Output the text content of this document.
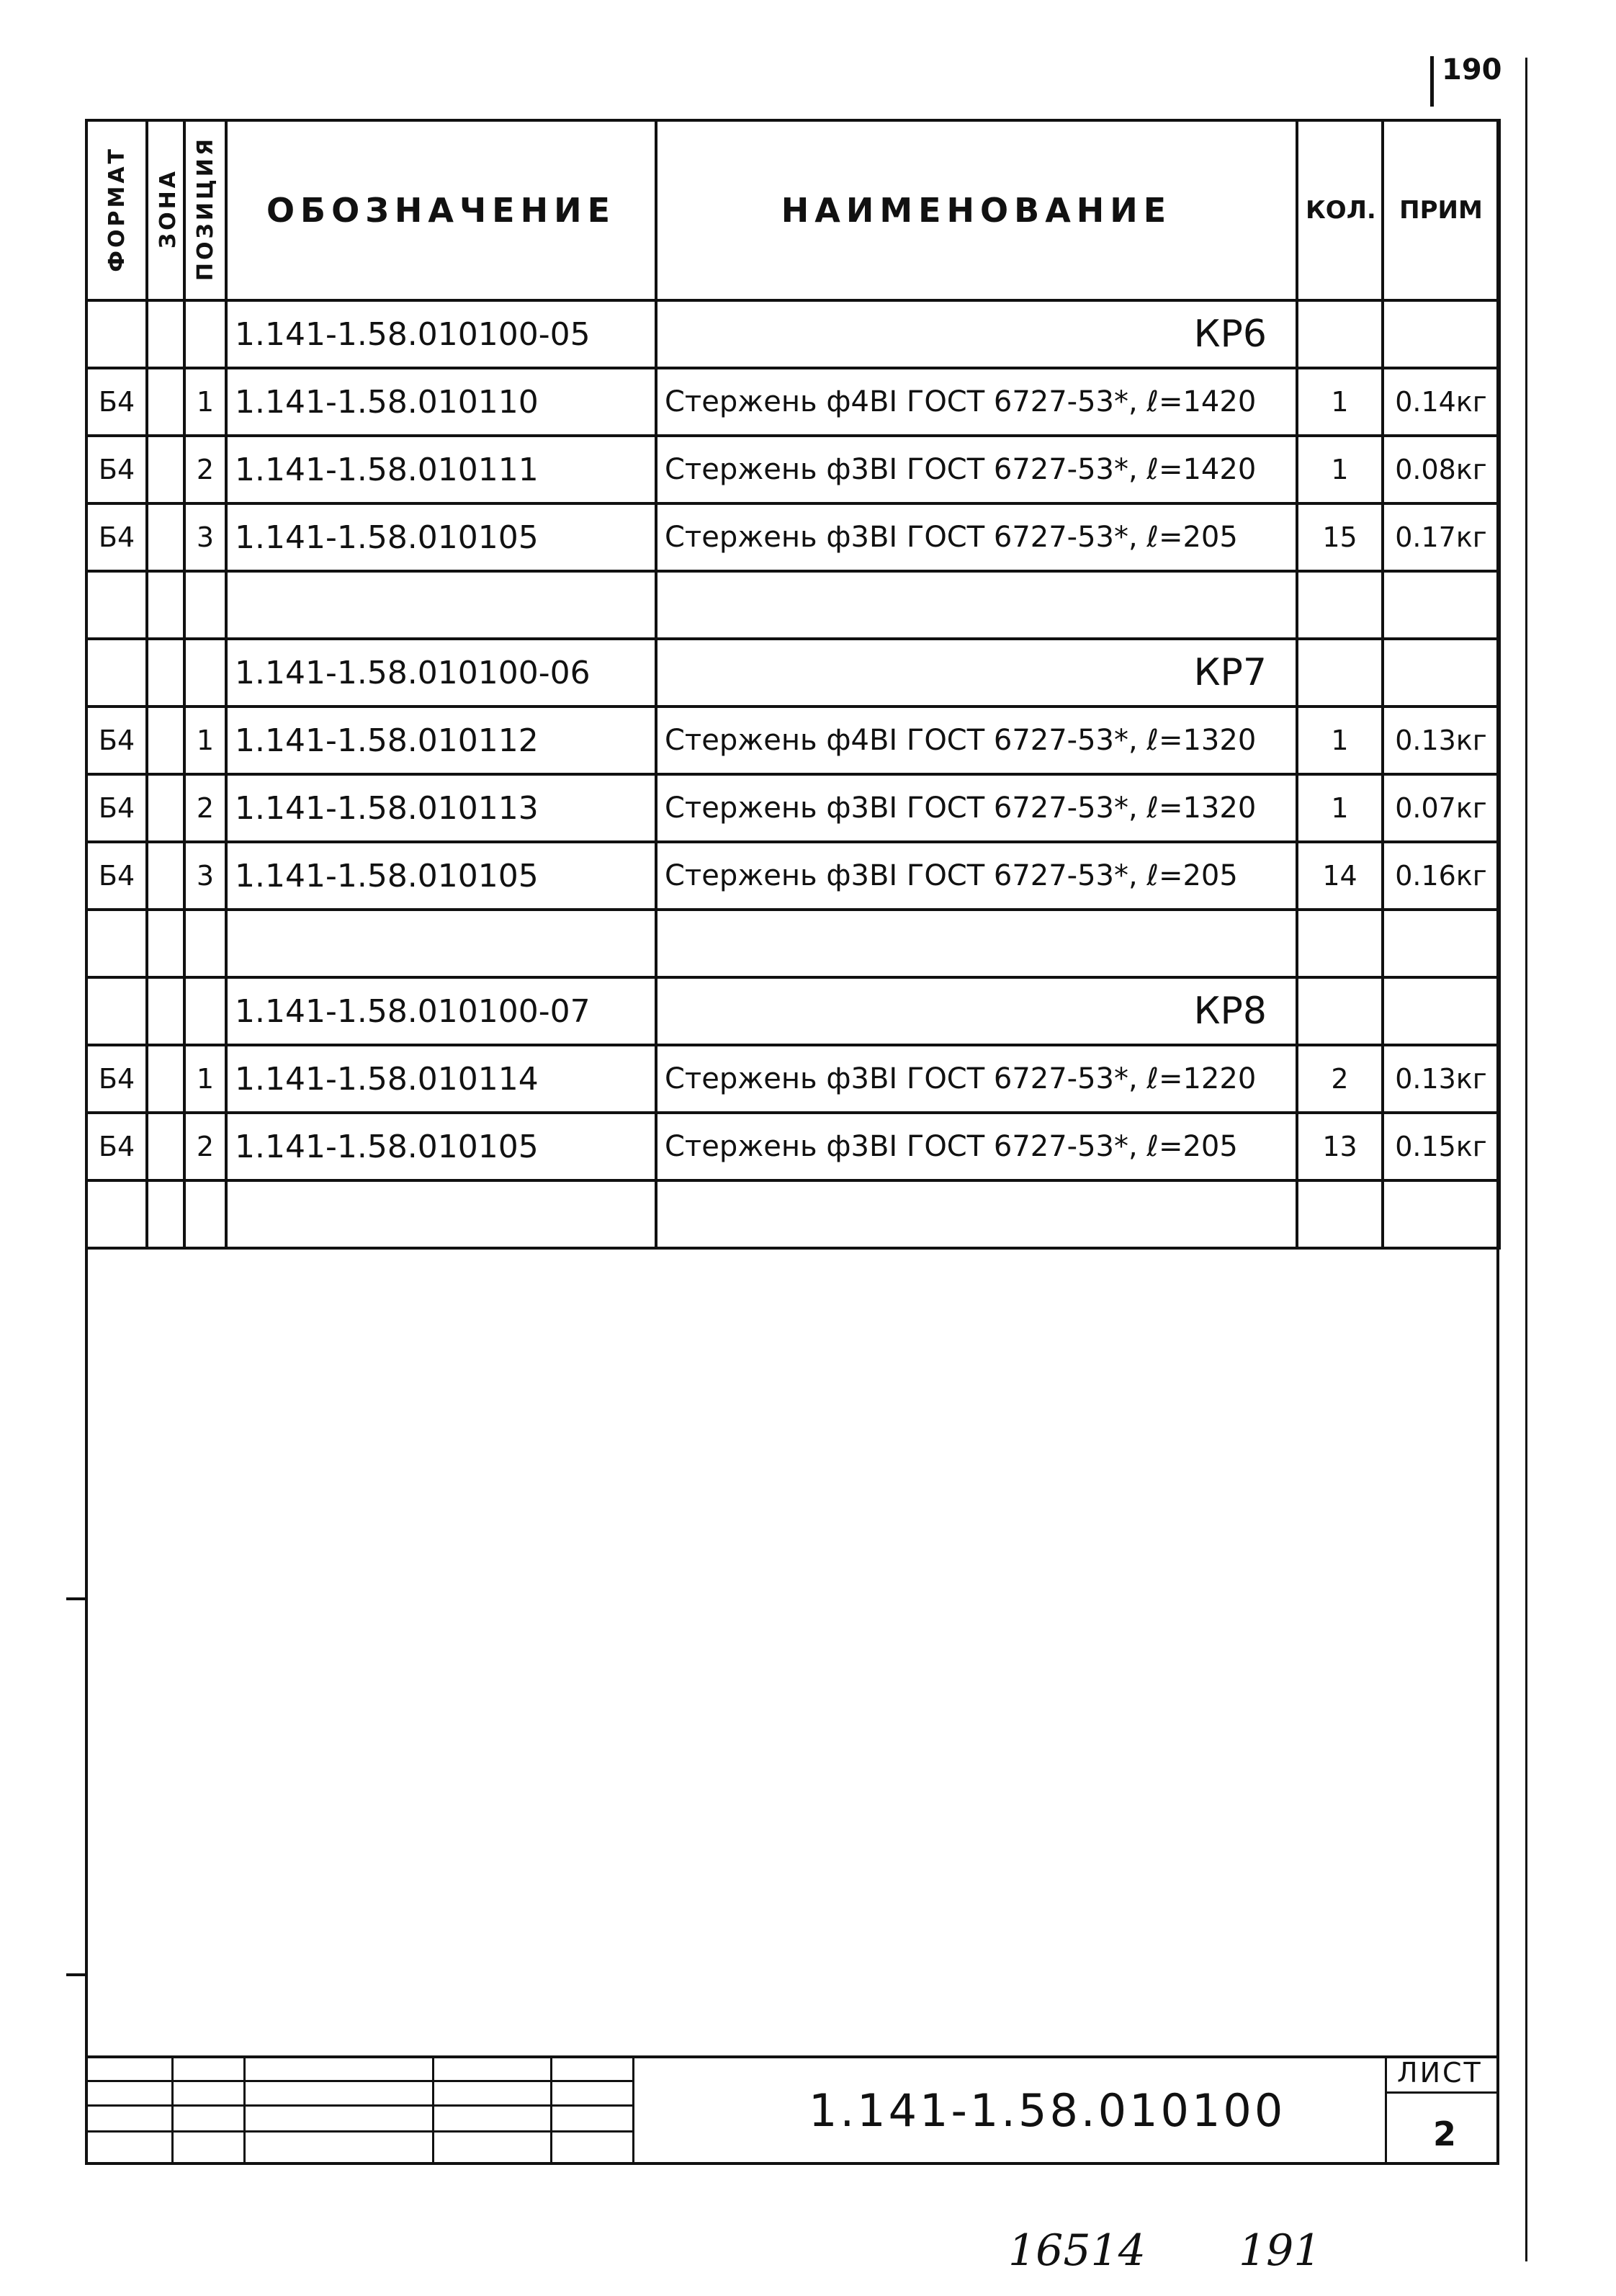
190
ФОРМАТ	ЗОНА	ПОЗИЦИЯ	ОБОЗНАЧЕНИЕ	НАИМЕНОВАНИЕ	КОЛ.	ПРИМ
			1.141-1.58.010100-05	КР6		
Б4		1	1.141-1.58.010110	Стержень ф4ВI ГОСТ 6727-53*, ℓ=1420	1	0.14кг
Б4		2	1.141-1.58.010111	Стержень ф3ВI ГОСТ 6727-53*, ℓ=1420	1	0.08кг
Б4		3	1.141-1.58.010105	Стержень ф3ВI ГОСТ 6727-53*, ℓ=205	15	0.17кг

			1.141-1.58.010100-06	КР7		
Б4		1	1.141-1.58.010112	Стержень ф4ВI ГОСТ 6727-53*, ℓ=1320	1	0.13кг
Б4		2	1.141-1.58.010113	Стержень ф3ВI ГОСТ 6727-53*, ℓ=1320	1	0.07кг
Б4		3	1.141-1.58.010105	Стержень ф3ВI ГОСТ 6727-53*, ℓ=205	14	0.16кг

			1.141-1.58.010100-07	КР8		
Б4		1	1.141-1.58.010114	Стержень ф3ВI ГОСТ 6727-53*, ℓ=1220	2	0.13кг
Б4		2	1.141-1.58.010105	Стержень ф3ВI ГОСТ 6727-53*, ℓ=205	13	0.15кг

1.141-1.58.010100
ЛИСТ
2
16514 191
